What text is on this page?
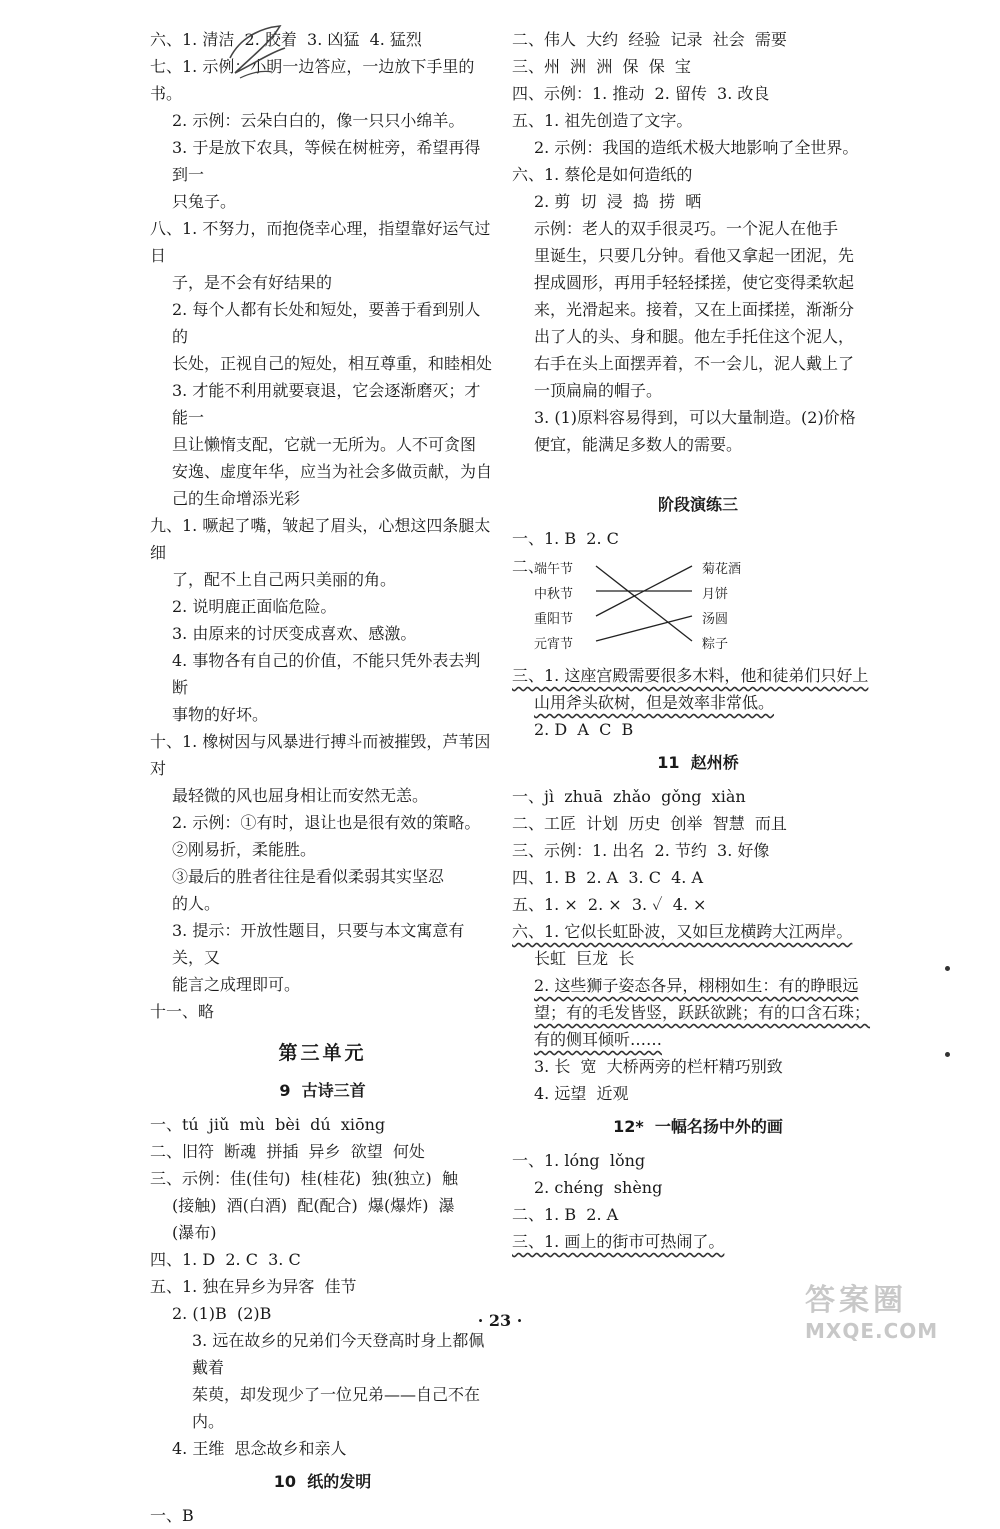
六、1. 清洁  2. 胶着  3. 凶猛  4. 猛烈
七、1. 示例：小明一边答应，一边放下手里的书。
2. 示例：云朵白白的，像一只只小绵羊。
3. 于是放下农具，等候在树桩旁，希望再得到一
只兔子。
八、1. 不努力，而抱侥幸心理，指望靠好运气过日
子，是不会有好结果的
2. 每个人都有长处和短处，要善于看到别人的
长处，正视自己的短处，相互尊重，和睦相处
3. 才能不利用就要衰退，它会逐渐磨灭；才能一
旦让懒惰支配，它就一无所为。人不可贪图
安逸、虚度年华，应当为社会多做贡献，为自
己的生命增添光彩
九、1. 噘起了嘴，皱起了眉头，心想这四条腿太细
了，配不上自己两只美丽的角。
2. 说明鹿正面临危险。
3. 由原来的讨厌变成喜欢、感激。
4. 事物各有自己的价值，不能只凭外表去判断
事物的好坏。
十、1. 橡树因与风暴进行搏斗而被摧毁，芦苇因对
最轻微的风也屈身相让而安然无恙。
2. 示例：①有时，退让也是很有效的策略。
②刚易折，柔能胜。
③最后的胜者往往是看似柔弱其实坚忍
的人。
3. 提示：开放性题目，只要与本文寓意有关，又
能言之成理即可。
十一、略
第三单元
9  古诗三首
一、tú  jiǔ  mù  bèi  dú  xiōng
二、旧符  断魂  拼插  异乡  欲望  何处
三、示例：佳(佳句)  桂(桂花)  独(独立)  触
(接触)  酒(白酒)  配(配合)  爆(爆炸)  瀑
(瀑布)
四、1. D  2. C  3. C
五、1. 独在异乡为异客  佳节
2. (1)B  (2)B
3. 远在故乡的兄弟们今天登高时身上都佩戴着
茱萸，却发现少了一位兄弟——自己不在内。
4. 王维  思念故乡和亲人
10  纸的发明
一、B
二、伟人  大约  经验  记录  社会  需要
三、州  洲  洲  保  保  宝
四、示例：1. 推动  2. 留传  3. 改良
五、1. 祖先创造了文字。
2. 示例：我国的造纸术极大地影响了全世界。
六、1. 蔡伦是如何造纸的
2. 剪  切  浸  捣  捞  晒
示例：老人的双手很灵巧。一个泥人在他手
里诞生，只要几分钟。看他又拿起一团泥，先
捏成圆形，再用手轻轻揉搓，使它变得柔软起
来，光滑起来。接着，又在上面揉搓，渐渐分
出了人的头、身和腿。他左手托住这个泥人，
右手在头上面摆弄着，不一会儿，泥人戴上了
一顶扁扁的帽子。
3. (1)原料容易得到，可以大量制造。(2)价格
便宜，能满足多数人的需要。
阶段演练三
一、1. B  2. C
二、
端午节
中秋节
重阳节
元宵节
菊花酒
月饼
汤圆
粽子
三、1. 这座宫殿需要很多木料，他和徒弟们只好上
山用斧头砍树，但是效率非常低。
2. D  A  C  B
11  赵州桥
一、jì  zhuā  zhǎo  gǒng  xiàn
二、工匠  计划  历史  创举  智慧  而且
三、示例：1. 出名  2. 节约  3. 好像
四、1. B  2. A  3. C  4. A
五、1. ×  2. ×  3. ✓  4. ×
六、1. 它似长虹卧波，又如巨龙横跨大江两岸。
长虹  巨龙  长
2. 这些狮子姿态各异，栩栩如生：有的睁眼远
望；有的毛发皆竖，跃跃欲跳；有的口含石珠；
有的侧耳倾听……
3. 长  宽  大桥两旁的栏杆精巧别致
4. 远望  近观
12*  一幅名扬中外的画
一、1. lóng  lǒng
2. chéng  shèng
二、1. B  2. A
三、1. 画上的街市可热闹了。
· 23 ·
答案圈
MXQE.COM
